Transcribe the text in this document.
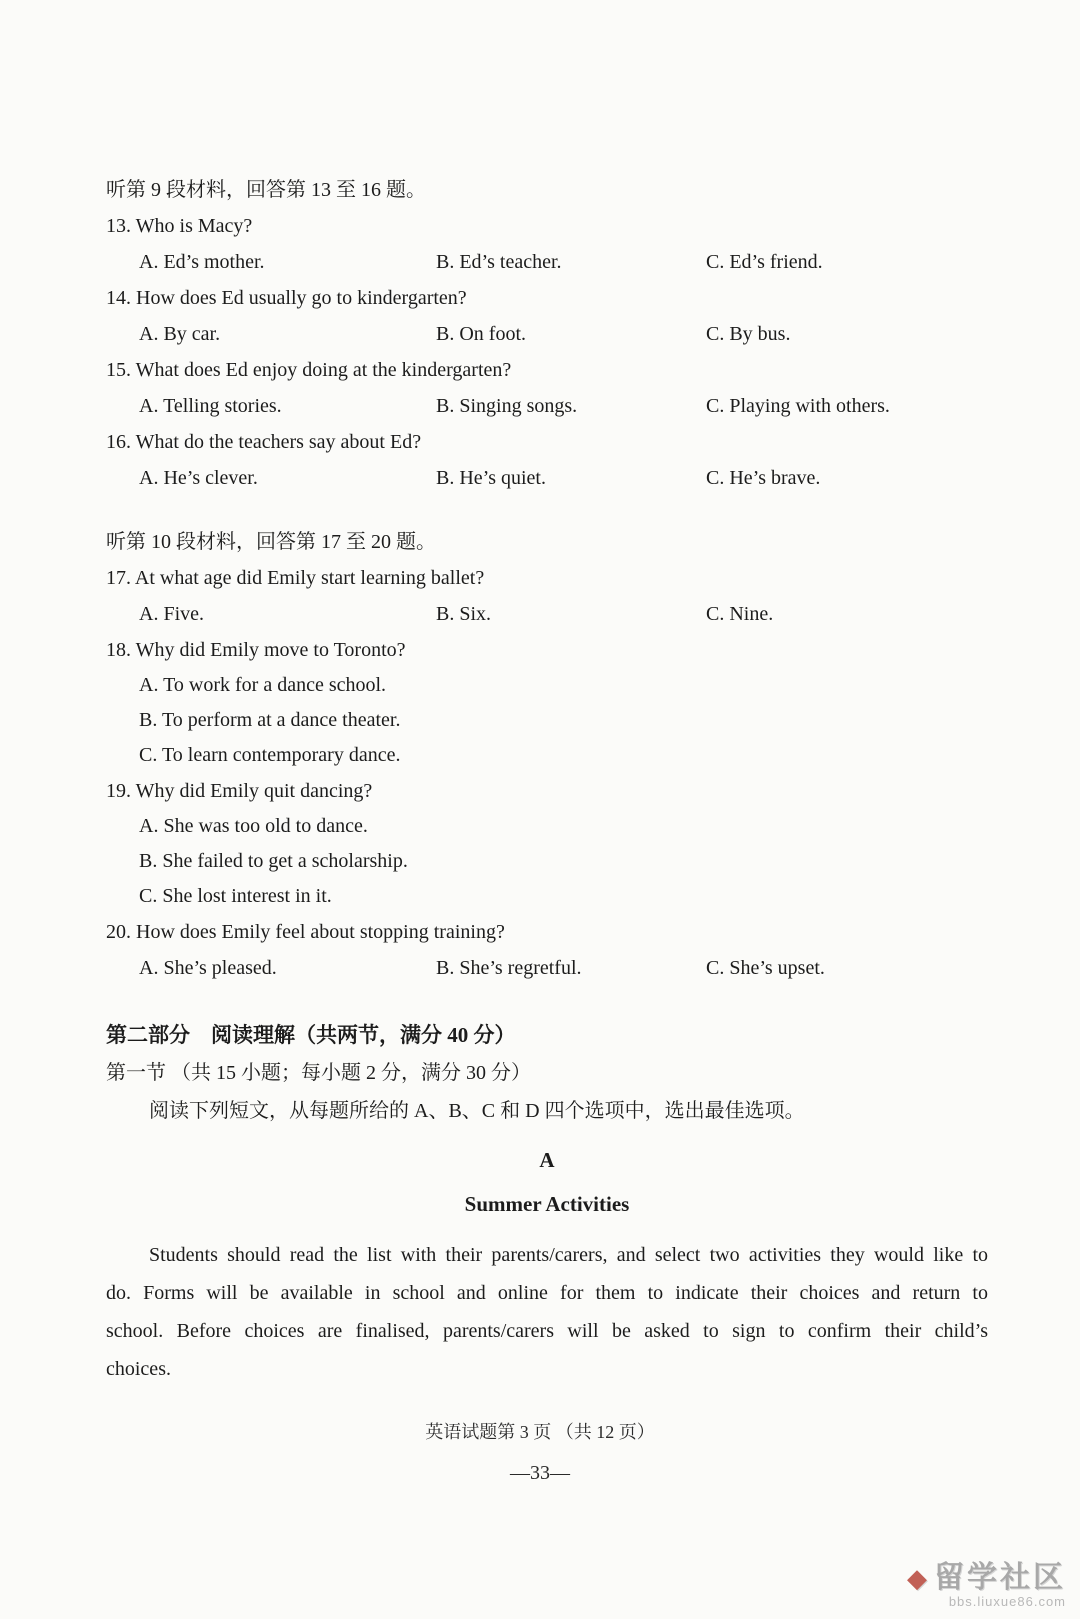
听第 9 段材料，回答第 13 至 16 题。
13. Who is Macy?
A. Ed’s mother.	B. Ed’s teacher.	C. Ed’s friend.
14. How does Ed usually go to kindergarten?
A. By car.	B. On foot.	C. By bus.
15. What does Ed enjoy doing at the kindergarten?
A. Telling stories.	B. Singing songs.	C. Playing with others.
16. What do the teachers say about Ed?
A. He’s clever.	B. He’s quiet.	C. He’s brave.
听第 10 段材料，回答第 17 至 20 题。
17. At what age did Emily start learning ballet?
A. Five.	B. Six.	C. Nine.
18. Why did Emily move to Toronto?
A. To work for a dance school.
B. To perform at a dance theater.
C. To learn contemporary dance.
19. Why did Emily quit dancing?
A. She was too old to dance.
B. She failed to get a scholarship.
C. She lost interest in it.
20. How does Emily feel about stopping training?
A. She’s pleased.	B. She’s regretful.	C. She’s upset.
第二部分　阅读理解（共两节，满分 40 分）
第一节 （共 15 小题；每小题 2 分，满分 30 分）
阅读下列短文，从每题所给的 A、B、C 和 D 四个选项中，选出最佳选项。
A
Summer Activities
Students should read the list with their parents/carers, and select two activities they would like to do. Forms will be available in school and online for them to indicate their choices and return to school. Before choices are finalised, parents/carers will be asked to sign to confirm their child’s choices.
英语试题第 3 页 （共 12 页）
—33—
◆ 留学社区
bbs.liuxue86.com
